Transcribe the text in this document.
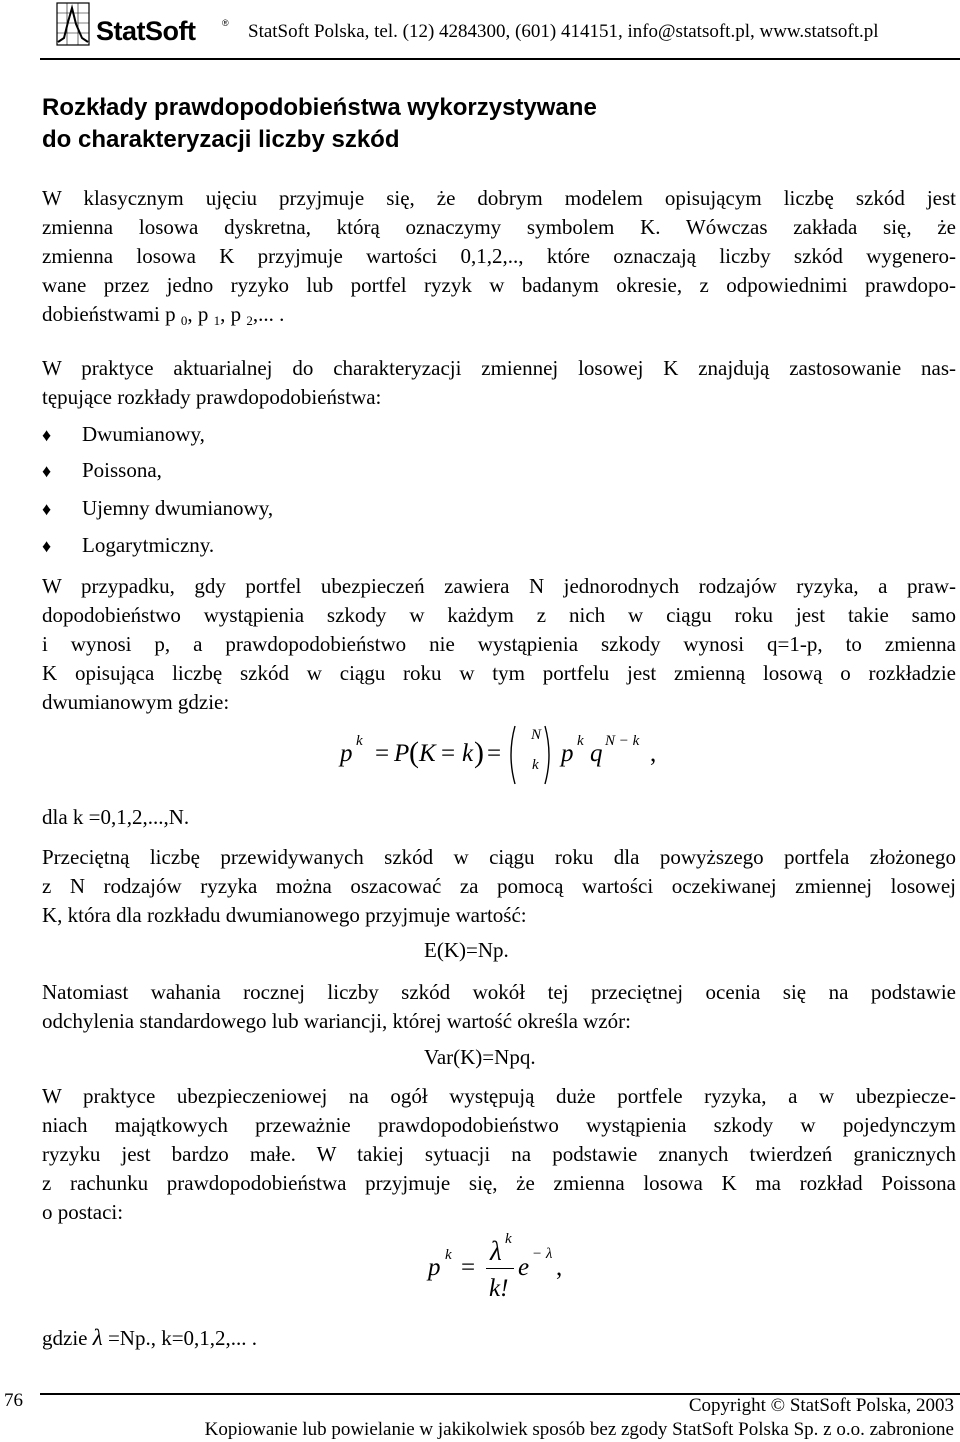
StatSoft	® StatSoft Polska, tel. (12) 4284300, (601) 414151, info@statsoft.pl, www.statsoft.pl
Rozkłady prawdopodobieństwa wykorzystywane
do charakteryzacji liczby szkód
W klasycznym ujęciu przyjmuje się, że dobrym modelem opisującym liczbę szkód jest
zmienna losowa dyskretna, którą oznaczymy symbolem K. Wówczas zakłada się, że
zmienna losowa K przyjmuje wartości 0,1,2,.., które oznaczają liczby szkód wygenero-
wane przez jedno ryzyko lub portfel ryzyk w badanym okresie, z odpowiednimi prawdopo-
dobieństwami p $_0$, p $_1$, p $_2$,... .
W praktyce aktuarialnej do charakteryzacji zmiennej losowej K znajdują zastosowanie nas-
tępujące rozkłady prawdopodobieństwa:
♦ Dwumianowy,
♦ Poissona,
♦ Ujemny dwumianowy,
♦ Logarytmiczny.
W przypadku, gdy portfel ubezpieczeń zawiera N jednorodnych rodzajów ryzyka, a praw-
dopodobieństwo wystąpienia szkody w każdym z nich w ciągu roku jest takie samo
i wynosi p, a prawdopodobieństwo nie wystąpienia szkody wynosi q=1-p, to zmienna
K opisująca liczbę szkód w ciągu roku w tym portfelu jest zmienną losową o rozkładzie
dwumianowym gdzie:
p k = P ( K = k ) =
N
k p k q N − k ,
dla k =0,1,2,...,N.
Przeciętną liczbę przewidywanych szkód w ciągu roku dla powyższego portfela złożonego
z N rodzajów ryzyka można oszacować za pomocą wartości oczekiwanej zmiennej losowej
K, która dla rozkładu dwumianowego przyjmuje wartość:
E(K)=Np.
Natomiast wahania rocznej liczby szkód wokół tej przeciętnej ocenia się na podstawie
odchylenia standardowego lub wariancji, której wartość określa wzór:
Var(K)=Npq.
W praktyce ubezpieczeniowej na ogół występują duże portfele ryzyka, a w ubezpiecze-
niach majątkowych przeważnie prawdopodobieństwo wystąpienia szkody w pojedynczym
ryzyku jest bardzo małe. W takiej sytuacji na podstawie znanych twierdzeń granicznych
z rachunku prawdopodobieństwa przyjmuje się, że zmienna losowa K ma rozkład Poissona
o postaci:
p k =
λ k
k!
e − λ ,
gdzie λ =Np., k=0,1,2,... .
76	Copyright © StatSoft Polska, 2003
Kopiowanie lub powielanie w jakikolwiek sposób bez zgody StatSoft Polska Sp. z o.o. zabronione
